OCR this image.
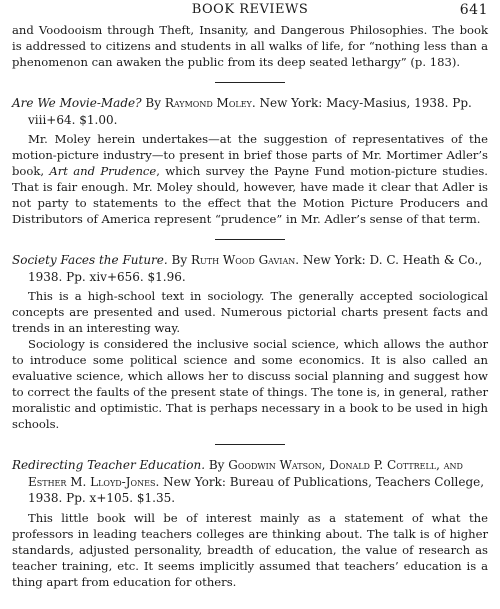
BOOK REVIEWS	641

and Voodooism through Theft, Insanity, and Dangerous Philosophies. The book is addressed to citizens and students in all walks of life, for “nothing less than a phenomenon can awaken the public from its deep seated lethargy” (p. 183).

Are We Movie-Made? By Raymond Moley. New York: Macy-Masius, 1938. Pp. viii+64. $1.00.

Mr. Moley herein undertakes—at the suggestion of representatives of the motion-picture industry—to present in brief those parts of Mr. Mortimer Adler’s book, Art and Prudence, which survey the Payne Fund motion-picture studies. That is fair enough. Mr. Moley should, however, have made it clear that Adler is not party to statements to the effect that the Motion Picture Producers and Distributors of America represent “prudence” in Mr. Adler’s sense of that term.

Society Faces the Future. By Ruth Wood Gavian. New York: D. C. Heath & Co., 1938. Pp. xiv+656. $1.96.

This is a high-school text in sociology. The generally accepted sociological concepts are presented and used. Numerous pictorial charts present facts and trends in an interesting way.

Sociology is considered the inclusive social science, which allows the author to introduce some political science and some economics. It is also called an evaluative science, which allows her to discuss social planning and suggest how to correct the faults of the present state of things. The tone is, in general, rather moralistic and optimistic. That is perhaps necessary in a book to be used in high schools.

Redirecting Teacher Education. By Goodwin Watson, Donald P. Cottrell, and Esther M. Lloyd-Jones. New York: Bureau of Publications, Teachers College, 1938. Pp. x+105. $1.35.

This little book will be of interest mainly as a statement of what the professors in leading teachers colleges are thinking about. The talk is of higher standards, adjusted personality, breadth of education, the value of research as teacher training, etc. It seems implicitly assumed that teachers’ education is a thing apart from education for others.
